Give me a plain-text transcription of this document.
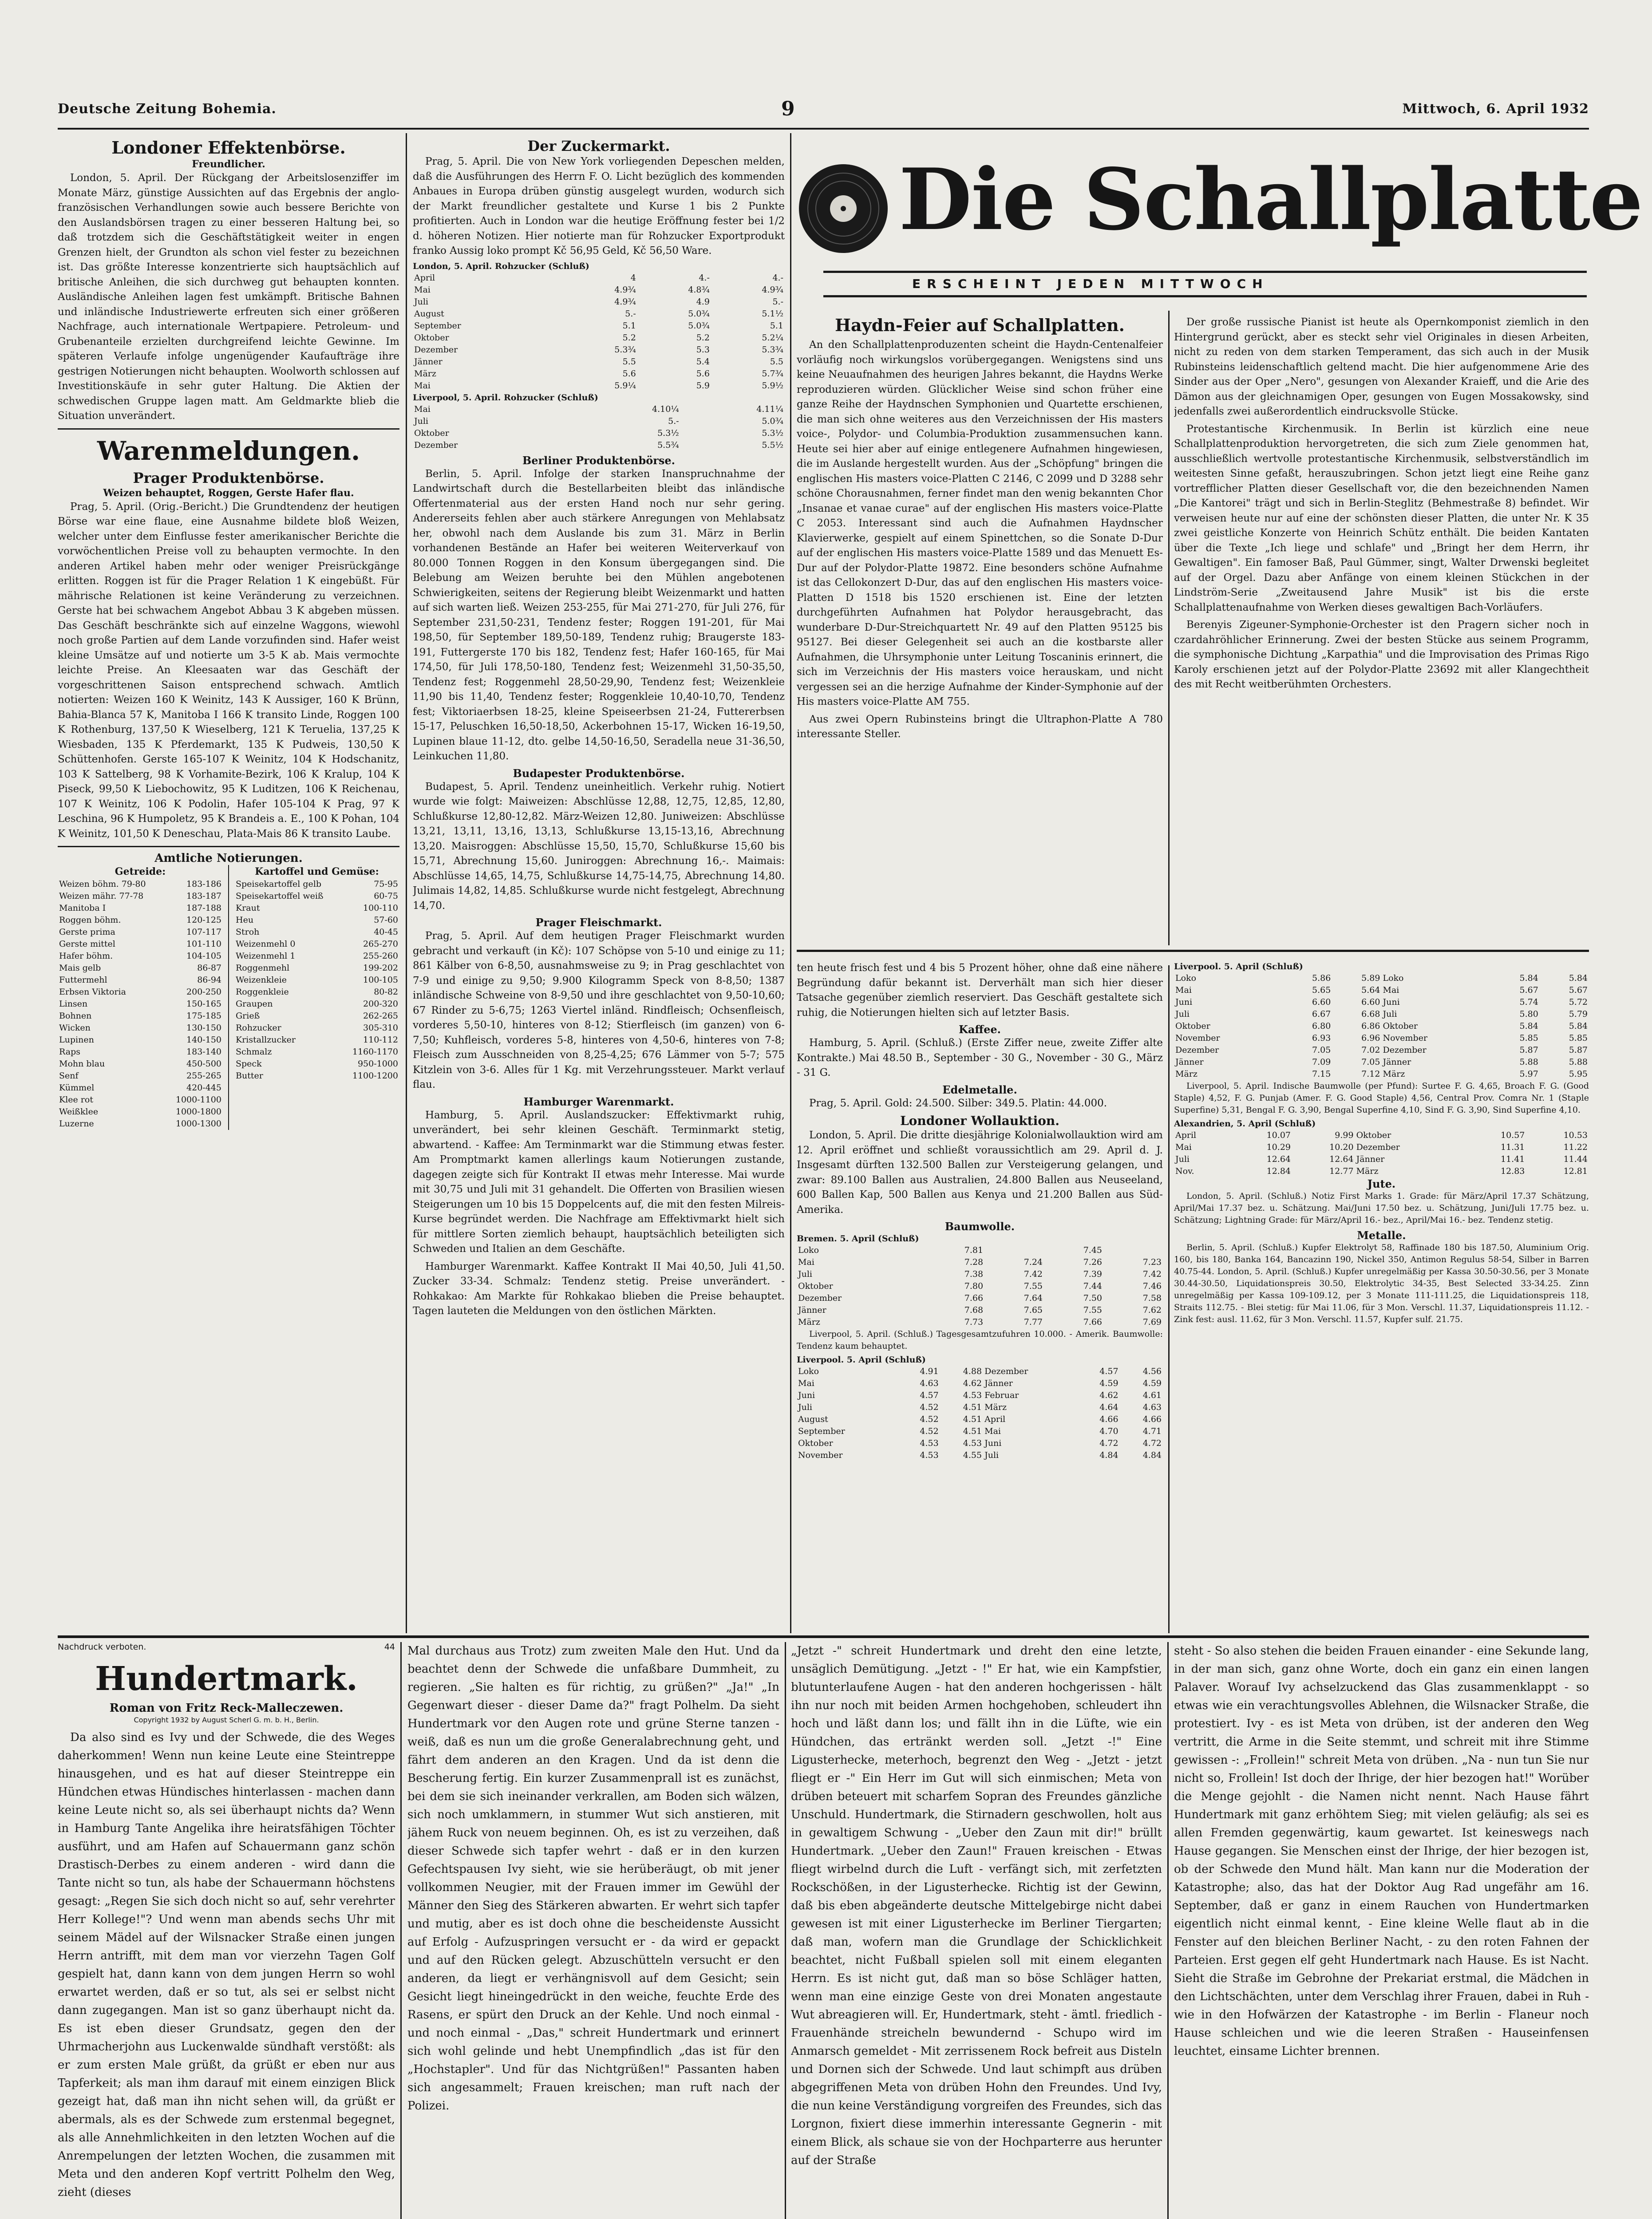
Deutsche Zeitung Bohemia.	9	Mittwoch, 6. April 1932
Londoner Effektenbörse.
Freundlicher.

London, 5. April. Der Rückgang der Arbeitslosenziffer im Monate März, günstige Aussichten auf das Ergebnis der anglo-französischen Verhandlungen sowie auch bessere Berichte von den Auslandsbörsen tragen zu einer besseren Haltung bei, so daß trotzdem sich die Geschäftstätigkeit weiter in engen Grenzen hielt, der Grundton als schon viel fester zu bezeichnen ist. Das größte Interesse konzentrierte sich hauptsächlich auf britische Anleihen, die sich durchweg gut behaupten konnten. Ausländische Anleihen lagen fest umkämpft. Britische Bahnen und inländische Industriewerte erfreuten sich einer größeren Nachfrage, auch internationale Wertpapiere. Petroleum- und Grubenanteile erzielten durchgreifend leichte Gewinne. Im späteren Verlaufe infolge ungenügender Kaufaufträge ihre gestrigen Notierungen nicht behaupten. Woolworth schlossen auf Investitionskäufe in sehr guter Haltung. Die Aktien der schwedischen Gruppe lagen matt. Am Geldmarkte blieb die Situation unverändert.

Warenmeldungen.
Prager Produktenbörse.
Weizen behauptet, Roggen, Gerste Hafer flau.

Prag, 5. April. (Orig.-Bericht.) Die Grundtendenz der heutigen Börse war eine flaue, eine Ausnahme bildete bloß Weizen, welcher unter dem Einflusse fester amerikanischer Berichte die vorwöchentlichen Preise voll zu behaupten vermochte. In den anderen Artikel haben mehr oder weniger Preisrückgänge erlitten. Roggen ist für die Prager Relation 1 K eingebüßt. Für mährische Relationen ist keine Veränderung zu verzeichnen. Gerste hat bei schwachem Angebot Abbau 3 K abgeben müssen. Das Geschäft beschränkte sich auf einzelne Waggons, wiewohl noch große Partien auf dem Lande vorzufinden sind. Hafer weist kleine Umsätze auf und notierte um 3-5 K ab. Mais vermochte leichte Preise. An Kleesaaten war das Geschäft der vorgeschrittenen Saison entsprechend schwach. Amtlich notierten: Weizen 160 K Weinitz, 143 K Aussiger, 160 K Brünn, Bahia-Blanca 57 K, Manitoba I 166 K transito Linde, Roggen 100 K Rothenburg, 137,50 K Wieselberg, 121 K Teruelia, 137,25 K Wiesbaden, 135 K Pferdemarkt, 135 K Pudweis, 130,50 K Schüttenhofen. Gerste 165-107 K Weinitz, 104 K Hodschanitz, 103 K Sattelberg, 98 K Vorhamite-Bezirk, 106 K Kralup, 104 K Piseck, 99,50 K Liebochowitz, 95 K Luditzen, 106 K Reichenau, 107 K Weinitz, 106 K Podolin, Hafer 105-104 K Prag, 97 K Leschina, 96 K Humpoletz, 95 K Brandeis a. E., 100 K Pohan, 104 K Weinitz, 101,50 K Deneschau, Plata-Mais 86 K transito Laube.

Amtliche Notierungen.
Getreide:
Weizen böhm. 79-80	183-186
Weizen mähr. 77-78	183-187
Manitoba I	187-188
Roggen böhm.	120-125
Gerste prima	107-117
Gerste mittel	101-110
Hafer böhm.	104-105
Mais gelb	86-87
Futtermehl	86-94
Erbsen Viktoria	200-250
Linsen	150-165
Bohnen	175-185
Wicken	130-150
Lupinen	140-150
Raps	183-140
Mohn blau	450-500
Senf	255-265
Kümmel	420-445
Klee rot	1000-1100
Weißklee	1000-1800
Luzerne	1000-1300
Kartoffel und Gemüse:
Speisekartoffel gelb	75-95
Speisekartoffel weiß	60-75
Kraut	100-110
Heu	57-60
Stroh	40-45
Weizenmehl 0	265-270
Weizenmehl 1	255-260
Roggenmehl	199-202
Weizenkleie	100-105
Roggenkleie	80-82
Graupen	200-320
Grieß	262-265
Rohzucker	305-310
Kristallzucker	110-112
Schmalz	1160-1170
Speck	950-1000
Butter	1100-1200
Der Zuckermarkt.

Prag, 5. April. Die von New York vorliegenden Depeschen melden, daß die Ausführungen des Herrn F. O. Licht bezüglich des kommenden Anbaues in Europa drüben günstig ausgelegt wurden, wodurch sich der Markt freundlicher gestaltete und Kurse 1 bis 2 Punkte profitierten. Auch in London war die heutige Eröffnung fester bei 1/2 d. höheren Notizen. Hier notierte man für Rohzucker Exportprodukt franko Aussig loko prompt Kč 56,95 Geld, Kč 56,50 Ware.

London, 5. April. Rohzucker (Schluß)
April	4	4.-	4.-
Mai	4.9¾	4.8¾	4.9¾
Juli	4.9¾	4.9	5.-
August	5.-	5.0¾	5.1½
September	5.1	5.0¾	5.1
Oktober	5.2	5.2	5.2¼
Dezember	5.3¾	5.3	5.3¾
Jänner	5.5	5.4	5.5
März	5.6	5.6	5.7¾
Mai	5.9¼	5.9	5.9½
Liverpool, 5. April. Rohzucker (Schluß)
Mai	4.10¼	4.11¼
Juli	5.-	5.0¾
Oktober	5.3½	5.3½
Dezember	5.5¾	5.5½
Berliner Produktenbörse.

Berlin, 5. April. Infolge der starken Inanspruchnahme der Landwirtschaft durch die Bestellarbeiten bleibt das inländische Offertenmaterial aus der ersten Hand noch nur sehr gering. Andererseits fehlen aber auch stärkere Anregungen von Mehlabsatz her, obwohl nach dem Auslande bis zum 31. März in Berlin vorhandenen Bestände an Hafer bei weiteren Weiterverkauf von 80.000 Tonnen Roggen in den Konsum übergegangen sind. Die Belebung am Weizen beruhte bei den Mühlen angebotenen Schwierigkeiten, seitens der Regierung bleibt Weizenmarkt und hatten auf sich warten ließ. Weizen 253-255, für Mai 271-270, für Juli 276, für September 231,50-231, Tendenz fester; Roggen 191-201, für Mai 198,50, für September 189,50-189, Tendenz ruhig; Braugerste 183-191, Futtergerste 170 bis 182, Tendenz fest; Hafer 160-165, für Mai 174,50, für Juli 178,50-180, Tendenz fest; Weizenmehl 31,50-35,50, Tendenz fest; Roggenmehl 28,50-29,90, Tendenz fest; Weizenkleie 11,90 bis 11,40, Tendenz fester; Roggenkleie 10,40-10,70, Tendenz fest; Viktoriaerbsen 18-25, kleine Speiseerbsen 21-24, Futtererbsen 15-17, Peluschken 16,50-18,50, Ackerbohnen 15-17, Wicken 16-19,50, Lupinen blaue 11-12, dto. gelbe 14,50-16,50, Seradella neue 31-36,50, Leinkuchen 11,80.

Budapester Produktenbörse.

Budapest, 5. April. Tendenz uneinheitlich. Verkehr ruhig. Notiert wurde wie folgt: Maiweizen: Abschlüsse 12,88, 12,75, 12,85, 12,80, Schlußkurse 12,80-12,82. März-Weizen 12,80. Juniweizen: Abschlüsse 13,21, 13,11, 13,16, 13,13, Schlußkurse 13,15-13,16, Abrechnung 13,20. Maisroggen: Abschlüsse 15,50, 15,70, Schlußkurse 15,60 bis 15,71, Abrechnung 15,60. Juniroggen: Abrechnung 16,-. Maimais: Abschlüsse 14,65, 14,75, Schlußkurse 14,75-14,75, Abrechnung 14,80. Julimais 14,82, 14,85. Schlußkurse wurde nicht festgelegt, Abrechnung 14,70.

Prager Fleischmarkt.

Prag, 5. April. Auf dem heutigen Prager Fleischmarkt wurden gebracht und verkauft (in Kč): 107 Schöpse von 5-10 und einige zu 11; 861 Kälber von 6-8,50, ausnahmsweise zu 9; in Prag geschlachtet von 7-9 und einige zu 9,50; 9.900 Kilogramm Speck von 8-8,50; 1387 inländische Schweine von 8-9,50 und ihre geschlachtet von 9,50-10,60; 67 Rinder zu 5-6,75; 1263 Viertel inländ. Rindfleisch; Ochsenfleisch, vorderes 5,50-10, hinteres von 8-12; Stierfleisch (im ganzen) von 6-7,50; Kuhfleisch, vorderes 5-8, hinteres von 4,50-6, hinteres von 7-8; Fleisch zum Ausschneiden von 8,25-4,25; 676 Lämmer von 5-7; 575 Kitzlein von 3-6. Alles für 1 Kg. mit Verzehrungssteuer. Markt verlauf flau.

Hamburger Warenmarkt.

Hamburg, 5. April. Auslandszucker: Effektivmarkt ruhig, unverändert, bei sehr kleinen Geschäft. Terminmarkt stetig, abwartend. - Kaffee: Am Terminmarkt war die Stimmung etwas fester. Am Promptmarkt kamen allerlings kaum Notierungen zustande, dagegen zeigte sich für Kontrakt II etwas mehr Interesse. Mai wurde mit 30,75 und Juli mit 31 gehandelt. Die Offerten von Brasilien wiesen Steigerungen um 10 bis 15 Doppelcents auf, die mit den festen Milreis-Kurse begründet werden. Die Nachfrage am Effektivmarkt hielt sich für mittlere Sorten ziemlich behaupt, hauptsächlich beteiligten sich Schweden und Italien an dem Geschäfte.

Hamburger Warenmarkt. Kaffee Kontrakt II Mai 40,50, Juli 41,50. Zucker 33-34. Schmalz: Tendenz stetig. Preise unverändert. - Rohkakao: Am Markte für Rohkakao blieben die Preise behauptet. Tagen lauteten die Meldungen von den östlichen Märkten.

Die Schallplatte
ERSCHEINT JEDEN MITTWOCH
Haydn-Feier auf Schallplatten.

An den Schallplattenproduzenten scheint die Haydn-Centenalfeier vorläufig noch wirkungslos vorübergegangen. Wenigstens sind uns keine Neuaufnahmen des heurigen Jahres bekannt, die Haydns Werke reproduzieren würden. Glücklicher Weise sind schon früher eine ganze Reihe der Haydnschen Symphonien und Quartette erschienen, die man sich ohne weiteres aus den Verzeichnissen der His masters voice-, Polydor- und Columbia-Produktion zusammensuchen kann. Heute sei hier aber auf einige entlegenere Aufnahmen hingewiesen, die im Auslande hergestellt wurden. Aus der „Schöpfung" bringen die englischen His masters voice-Platten C 2146, C 2099 und D 3288 sehr schöne Chorausnahmen, ferner findet man den wenig bekannten Chor „Insanae et vanae curae" auf der englischen His masters voice-Platte C 2053. Interessant sind auch die Aufnahmen Haydnscher Klavierwerke, gespielt auf einem Spinettchen, so die Sonate D-Dur auf der englischen His masters voice-Platte 1589 und das Menuett Es-Dur auf der Polydor-Platte 19872. Eine besonders schöne Aufnahme ist das Cellokonzert D-Dur, das auf den englischen His masters voice-Platten D 1518 bis 1520 erschienen ist. Eine der letzten durchgeführten Aufnahmen hat Polydor herausgebracht, das wunderbare D-Dur-Streichquartett Nr. 49 auf den Platten 95125 bis 95127. Bei dieser Gelegenheit sei auch an die kostbarste aller Aufnahmen, die Uhrsymphonie unter Leitung Toscaninis erinnert, die sich im Verzeichnis der His masters voice herauskam, und nicht vergessen sei an die herzige Aufnahme der Kinder-Symphonie auf der His masters voice-Platte AM 755.

Aus zwei Opern Rubinsteins bringt die Ultraphon-Platte A 780 interessante Steller.

Der große russische Pianist ist heute als Opernkomponist ziemlich in den Hintergrund gerückt, aber es steckt sehr viel Originales in diesen Arbeiten, nicht zu reden von dem starken Temperament, das sich auch in der Musik Rubinsteins leidenschaftlich geltend macht. Die hier aufgenommene Arie des Sinder aus der Oper „Nero", gesungen von Alexander Kraieff, und die Arie des Dämon aus der gleichnamigen Oper, gesungen von Eugen Mossakowsky, sind jedenfalls zwei außerordentlich eindrucksvolle Stücke.

Protestantische Kirchenmusik. In Berlin ist kürzlich eine neue Schallplattenproduktion hervorgetreten, die sich zum Ziele genommen hat, ausschließlich wertvolle protestantische Kirchenmusik, selbstverständlich im weitesten Sinne gefaßt, herauszubringen. Schon jetzt liegt eine Reihe ganz vortrefflicher Platten dieser Gesellschaft vor, die den bezeichnenden Namen „Die Kantorei" trägt und sich in Berlin-Steglitz (Behmestraße 8) befindet. Wir verweisen heute nur auf eine der schönsten dieser Platten, die unter Nr. K 35 zwei geistliche Konzerte von Heinrich Schütz enthält. Die beiden Kantaten über die Texte „Ich liege und schlafe" und „Bringt her dem Herrn, ihr Gewaltigen". Ein famoser Baß, Paul Gümmer, singt, Walter Drwenski begleitet auf der Orgel. Dazu aber Anfänge von einem kleinen Stückchen in der Lindström-Serie „Zweitausend Jahre Musik" ist bis die erste Schallplattenaufnahme von Werken dieses gewaltigen Bach-Vorläufers.

Berenyis Zigeuner-Symphonie-Orchester ist den Pragern sicher noch in czardahröhlicher Erinnerung. Zwei der besten Stücke aus seinem Programm, die symphonische Dichtung „Karpathia" und die Improvisation des Primas Rigo Karoly erschienen jetzt auf der Polydor-Platte 23692 mit aller Klangechtheit des mit Recht weitberühmten Orchesters.

ten heute frisch fest und 4 bis 5 Prozent höher, ohne daß eine nähere Begründung dafür bekannt ist. Derverhält man sich hier dieser Tatsache gegenüber ziemlich reserviert. Das Geschäft gestaltete sich ruhig, die Notierungen hielten sich auf letzter Basis.

Kaffee.

Hamburg, 5. April. (Schluß.) (Erste Ziffer neue, zweite Ziffer alte Kontrakte.) Mai 48.50 B., September - 30 G., November - 30 G., März - 31 G.

Edelmetalle.

Prag, 5. April. Gold: 24.500. Silber: 349.5. Platin: 44.000.

Londoner Wollauktion.

London, 5. April. Die dritte diesjährige Kolonialwollauktion wird am 12. April eröffnet und schließt voraussichtlich am 29. April d. J. Insgesamt dürften 132.500 Ballen zur Versteigerung gelangen, und zwar: 89.100 Ballen aus Australien, 24.800 Ballen aus Neuseeland, 600 Ballen Kap, 500 Ballen aus Kenya und 21.200 Ballen aus Süd-Amerika.

Baumwolle.
Bremen. 5. April (Schluß)
Loko	7.81		7.45	
Mai	7.28	7.24	7.26	7.23
Juli	7.38	7.42	7.39	7.42
Oktober	7.80	7.55	7.44	7.46
Dezember	7.66	7.64	7.50	7.58
Jänner	7.68	7.65	7.55	7.62
März	7.73	7.77	7.66	7.69

Liverpool, 5. April. (Schluß.) Tagesgesamtzufuhren 10.000. - Amerik. Baumwolle: Tendenz kaum behauptet.

Liverpool. 5. April (Schluß)
Loko	4.91	4.88	Dezember	4.57	4.56
Mai	4.63	4.62	Jänner	4.59	4.59
Juni	4.57	4.53	Februar	4.62	4.61
Juli	4.52	4.51	März	4.64	4.63
August	4.52	4.51	April	4.66	4.66
September	4.52	4.51	Mai	4.70	4.71
Oktober	4.53	4.53	Juni	4.72	4.72
November	4.53	4.55	Juli	4.84	4.84
Liverpool. 5. April (Schluß)
Loko	5.86	5.89	Loko	5.84	5.84
Mai	5.65	5.64	Mai	5.67	5.67
Juni	6.60	6.60	Juni	5.74	5.72
Juli	6.67	6.68	Juli	5.80	5.79
Oktober	6.80	6.86	Oktober	5.84	5.84
November	6.93	6.96	November	5.85	5.85
Dezember	7.05	7.02	Dezember	5.87	5.87
Jänner	7.09	7.05	Jänner	5.88	5.88
März	7.15	7.12	März	5.97	5.95

Liverpool, 5. April. Indische Baumwolle (per Pfund): Surtee F. G. 4,65, Broach F. G. (Good Staple) 4,52, F. G. Punjab (Amer. F. G. Good Staple) 4,56, Central Prov. Comra Nr. 1 (Staple Superfine) 5,31, Bengal F. G. 3,90, Bengal Superfine 4,10, Sind F. G. 3,90, Sind Superfine 4,10.

Alexandrien, 5. April (Schluß)
April	10.07	9.99	Oktober	10.57	10.53
Mai	10.29	10.20	Dezember	11.31	11.22
Juli	12.64	12.64	Jänner	11.41	11.44
Nov.	12.84	12.77	März	12.83	12.81
Jute.

London, 5. April. (Schluß.) Notiz First Marks 1. Grade: für März/April 17.37 Schätzung, April/Mai 17.37 bez. u. Schätzung. Mai/Juni 17.50 bez. u. Schätzung, Juni/Juli 17.75 bez. u. Schätzung; Lightning Grade: für März/April 16.- bez., April/Mai 16.- bez. Tendenz stetig.

Metalle.

Berlin, 5. April. (Schluß.) Kupfer Elektrolyt 58, Raffinade 180 bis 187.50, Aluminium Orig. 160, bis 180, Banka 164, Bancazinn 190, Nickel 350, Antimon Regulus 58-54, Silber in Barren 40.75-44. London, 5. April. (Schluß.) Kupfer unregelmäßig per Kassa 30.50-30.56, per 3 Monate 30.44-30.50, Liquidationspreis 30.50, Elektrolytic 34-35, Best Selected 33-34.25. Zinn unregelmäßig per Kassa 109-109.12, per 3 Monate 111-111.25, die Liquidationspreis 118, Straits 112.75. - Blei stetig: für Mai 11.06, für 3 Mon. Verschl. 11.37, Liquidationspreis 11.12. - Zink fest: ausl. 11.62, für 3 Mon. Verschl. 11.57, Kupfer sulf. 21.75.

Nachdruck verboten.	44
Hundertmark.
Roman von Fritz Reck-Malleczewen.
Copyright 1932 by August Scherl G. m. b. H., Berlin.

Da also sind es Ivy und der Schwede, die des Weges daherkommen! Wenn nun keine Leute eine Steintreppe hinausgehen, und es hat auf dieser Steintreppe ein Hündchen etwas Hündisches hinterlassen - machen dann keine Leute nicht so, als sei überhaupt nichts da? Wenn in Hamburg Tante Angelika ihre heiratsfähigen Töchter ausführt, und am Hafen auf Schauermann ganz schön Drastisch-Derbes zu einem anderen - wird dann die Tante nicht so tun, als habe der Schauermann höchstens gesagt: „Regen Sie sich doch nicht so auf, sehr verehrter Herr Kollege!"? Und wenn man abends sechs Uhr mit seinem Mädel auf der Wilsnacker Straße einen jungen Herrn antrifft, mit dem man vor vierzehn Tagen Golf gespielt hat, dann kann von dem jungen Herrn so wohl erwartet werden, daß er so tut, als sei er selbst nicht dann zugegangen. Man ist so ganz überhaupt nicht da. Es ist eben dieser Grundsatz, gegen den der Uhrmacherjohn aus Luckenwalde sündhaft verstößt: als er zum ersten Male grüßt, da grüßt er eben nur aus Tapferkeit; als man ihm darauf mit einem einzigen Blick gezeigt hat, daß man ihn nicht sehen will, da grüßt er abermals, als es der Schwede zum erstenmal begegnet, als alle Annehmlichkeiten in den letzten Wochen auf die Anrempelungen der letzten Wochen, die zusammen mit Meta und den anderen Kopf vertritt Polhelm den Weg, zieht (dieses

Mal durchaus aus Trotz) zum zweiten Male den Hut. Und da beachtet denn der Schwede die unfaßbare Dummheit, zu regieren. „Sie halten es für richtig, zu grüßen?" „Ja!" „In Gegenwart dieser - dieser Dame da?" fragt Polhelm. Da sieht Hundertmark vor den Augen rote und grüne Sterne tanzen - weiß, daß es nun um die große Generalabrechnung geht, und fährt dem anderen an den Kragen. Und da ist denn die Bescherung fertig. Ein kurzer Zusammenprall ist es zunächst, bei dem sie sich ineinander verkrallen, am Boden sich wälzen, sich noch umklammern, in stummer Wut sich anstieren, mit jähem Ruck von neuem beginnen. Oh, es ist zu verzeihen, daß dieser Schwede sich tapfer wehrt - daß er in den kurzen Gefechtspausen Ivy sieht, wie sie herüberäugt, ob mit jener vollkommen Neugier, mit der Frauen immer im Gewühl der Männer den Sieg des Stärkeren abwarten. Er wehrt sich tapfer und mutig, aber es ist doch ohne die bescheidenste Aussicht auf Erfolg - Aufzuspringen versucht er - da wird er gepackt und auf den Rücken gelegt. Abzuschütteln versucht er den anderen, da liegt er verhängnisvoll auf dem Gesicht; sein Gesicht liegt hineingedrückt in den weiche, feuchte Erde des Rasens, er spürt den Druck an der Kehle. Und noch einmal - und noch einmal - „Das," schreit Hundertmark und erinnert sich wohl gelinde und hebt Unempfindlich „das ist für den „Hochstapler". Und für das Nichtgrüßen!" Passanten haben sich angesammelt; Frauen kreischen; man ruft nach der Polizei.

„Jetzt -" schreit Hundertmark und dreht den eine letzte, unsäglich Demütigung. „Jetzt - !" Er hat, wie ein Kampfstier, blutunterlaufene Augen - hat den anderen hochgerissen - hält ihn nur noch mit beiden Armen hochgehoben, schleudert ihn hoch und läßt dann los; und fällt ihn in die Lüfte, wie ein Hündchen, das ertränkt werden soll. „Jetzt -!" Eine Ligusterhecke, meterhoch, begrenzt den Weg - „Jetzt - jetzt fliegt er -" Ein Herr im Gut will sich einmischen; Meta von drüben beteuert mit scharfem Sopran des Freundes gänzliche Unschuld. Hundertmark, die Stirnadern geschwollen, holt aus in gewaltigem Schwung - „Ueber den Zaun mit dir!" brüllt Hundertmark. „Ueber den Zaun!" Frauen kreischen - Etwas fliegt wirbelnd durch die Luft - verfängt sich, mit zerfetzten Rockschößen, in der Ligusterhecke. Richtig ist der Gewinn, daß bis eben abgeänderte deutsche Mittelgebirge nicht dabei gewesen ist mit einer Ligusterhecke im Berliner Tiergarten; daß man, wofern man die Grundlage der Schicklichkeit beachtet, nicht Fußball spielen soll mit einem eleganten Herrn. Es ist nicht gut, daß man so böse Schläger hatten, wenn man eine einzige Geste von drei Monaten angestaute Wut abreagieren will. Er, Hundertmark, steht - ämtl. friedlich - Frauenhände streicheln bewundernd - Schupo wird im Anmarsch gemeldet - Mit zerrissenem Rock befreit aus Disteln und Dornen sich der Schwede. Und laut schimpft aus drüben abgegriffenen Meta von drüben Hohn den Freundes. Und Ivy, die nun keine Verständigung vorgreifen des Freundes, sich das Lorgnon, fixiert diese immerhin interessante Gegnerin - mit einem Blick, als schaue sie von der Hochparterre aus herunter auf der Straße

steht - So also stehen die beiden Frauen einander - eine Sekunde lang, in der man sich, ganz ohne Worte, doch ein ganz ein einen langen Palaver. Worauf Ivy achselzuckend das Glas zusammenklappt - so etwas wie ein verachtungsvolles Ablehnen, die Wilsnacker Straße, die protestiert. Ivy - es ist Meta von drüben, ist der anderen den Weg vertritt, die Arme in die Seite stemmt, und schreit mit ihre Stimme gewissen -: „Frollein!" schreit Meta von drüben. „Na - nun tun Sie nur nicht so, Frollein! Ist doch der Ihrige, der hier bezogen hat!" Worüber die Menge gejohlt - die Namen nicht nennt. Nach Hause fährt Hundertmark mit ganz erhöhtem Sieg; mit vielen geläufig; als sei es allen Fremden gegenwärtig, kaum gewartet. Ist keineswegs nach Hause gegangen. Sie Menschen einst der Ihrige, der hier bezogen ist, ob der Schwede den Mund hält. Man kann nur die Moderation der Katastrophe; also, das hat der Doktor Aug Rad ungefähr am 16. September, daß er ganz in einem Rauchen von Hundertmarken eigentlich nicht einmal kennt, - Eine kleine Welle flaut ab in die Fenster auf den bleichen Berliner Nacht, - zu den roten Fahnen der Parteien. Erst gegen elf geht Hundertmark nach Hause. Es ist Nacht. Sieht die Straße im Gebrohne der Prekariat erstmal, die Mädchen in den Lichtschächten, unter dem Verschlag ihrer Frauen, dabei in Ruh - wie in den Hofwärzen der Katastrophe - im Berlin - Flaneur noch Hause schleichen und wie die leeren Straßen - Hauseinfensen leuchtet, einsame Lichter brennen.
